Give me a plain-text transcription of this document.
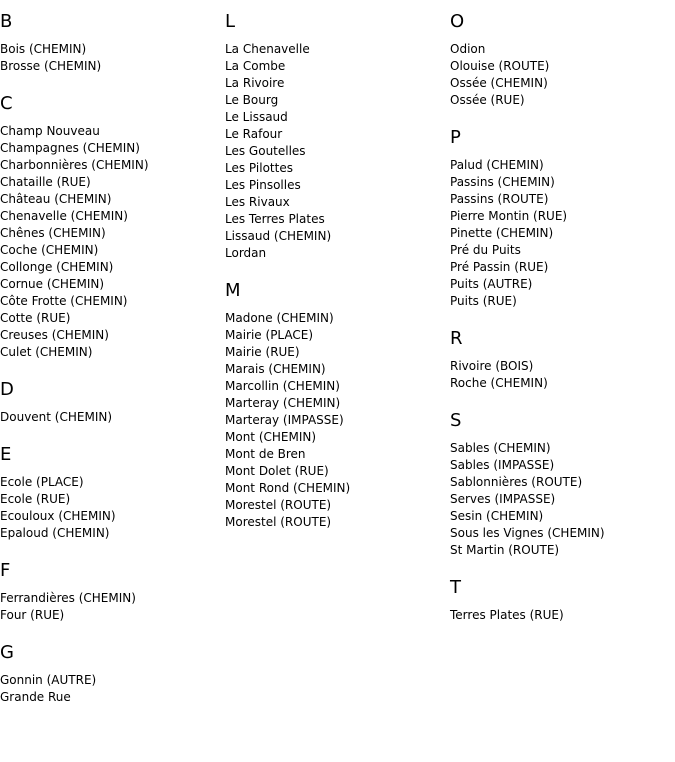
B
Bois (CHEMIN)
Brosse (CHEMIN)
C
Champ Nouveau
Champagnes (CHEMIN)
Charbonnières (CHEMIN)
Chataille (RUE)
Château (CHEMIN)
Chenavelle (CHEMIN)
Chênes (CHEMIN)
Coche (CHEMIN)
Collonge (CHEMIN)
Cornue (CHEMIN)
Côte Frotte (CHEMIN)
Cotte (RUE)
Creuses (CHEMIN)
Culet (CHEMIN)
D
Douvent (CHEMIN)
E
Ecole (PLACE)
Ecole (RUE)
Ecouloux (CHEMIN)
Epaloud (CHEMIN)
F
Ferrandières (CHEMIN)
Four (RUE)
G
Gonnin (AUTRE)
Grande Rue
L
La Chenavelle
La Combe
La Rivoire
Le Bourg
Le Lissaud
Le Rafour
Les Goutelles
Les Pilottes
Les Pinsolles
Les Rivaux
Les Terres Plates
Lissaud (CHEMIN)
Lordan
M
Madone (CHEMIN)
Mairie (PLACE)
Mairie (RUE)
Marais (CHEMIN)
Marcollin (CHEMIN)
Marteray (CHEMIN)
Marteray (IMPASSE)
Mont (CHEMIN)
Mont de Bren
Mont Dolet (RUE)
Mont Rond (CHEMIN)
Morestel (ROUTE)
Morestel (ROUTE)
O
Odion
Olouise (ROUTE)
Ossée (CHEMIN)
Ossée (RUE)
P
Palud (CHEMIN)
Passins (CHEMIN)
Passins (ROUTE)
Pierre Montin (RUE)
Pinette (CHEMIN)
Pré du Puits
Pré Passin (RUE)
Puits (AUTRE)
Puits (RUE)
R
Rivoire (BOIS)
Roche (CHEMIN)
S
Sables (CHEMIN)
Sables (IMPASSE)
Sablonnières (ROUTE)
Serves (IMPASSE)
Sesin (CHEMIN)
Sous les Vignes (CHEMIN)
St Martin (ROUTE)
T
Terres Plates (RUE)
